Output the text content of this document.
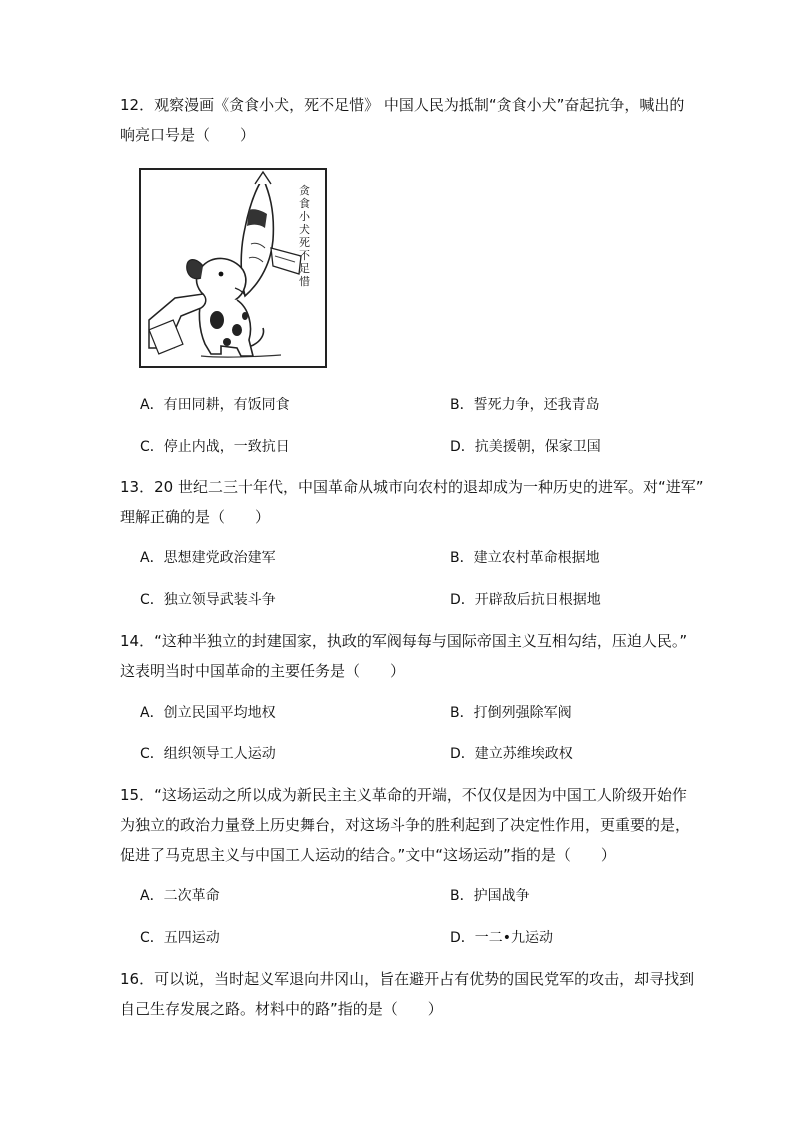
12．观察漫画《贪食小犬，死不足惜》 中国人民为抵制“贪食小犬”奋起抗争，喊出的
响亮口号是（　　）
贪食小犬死不足惜
A．有田同耕，有饭同食	B．誓死力争，还我青岛
C．停止内战，一致抗日	D．抗美援朝，保家卫国
13．20 世纪二三十年代，中国革命从城市向农村的退却成为一种历史的进军。对“进军”
理解正确的是（　　）
A．思想建党政治建军	B．建立农村革命根据地
C．独立领导武装斗争	D．开辟敌后抗日根据地
14．“这种半独立的封建国家，执政的军阀每每与国际帝国主义互相勾结，压迫人民。”
这表明当时中国革命的主要任务是（　　）
A．创立民国平均地权	B．打倒列强除军阀
C．组织领导工人运动	D．建立苏维埃政权
15．“这场运动之所以成为新民主主义革命的开端，不仅仅是因为中国工人阶级开始作
为独立的政治力量登上历史舞台，对这场斗争的胜利起到了决定性作用，更重要的是，
促进了马克思主义与中国工人运动的结合。”文中“这场运动”指的是（　　）
A．二次革命	B．护国战争
C．五四运动	D．一二•九运动
16．可以说，当时起义军退向井冈山，旨在避开占有优势的国民党军的攻击，却寻找到
自己生存发展之路。材料中的路”指的是（　　）
